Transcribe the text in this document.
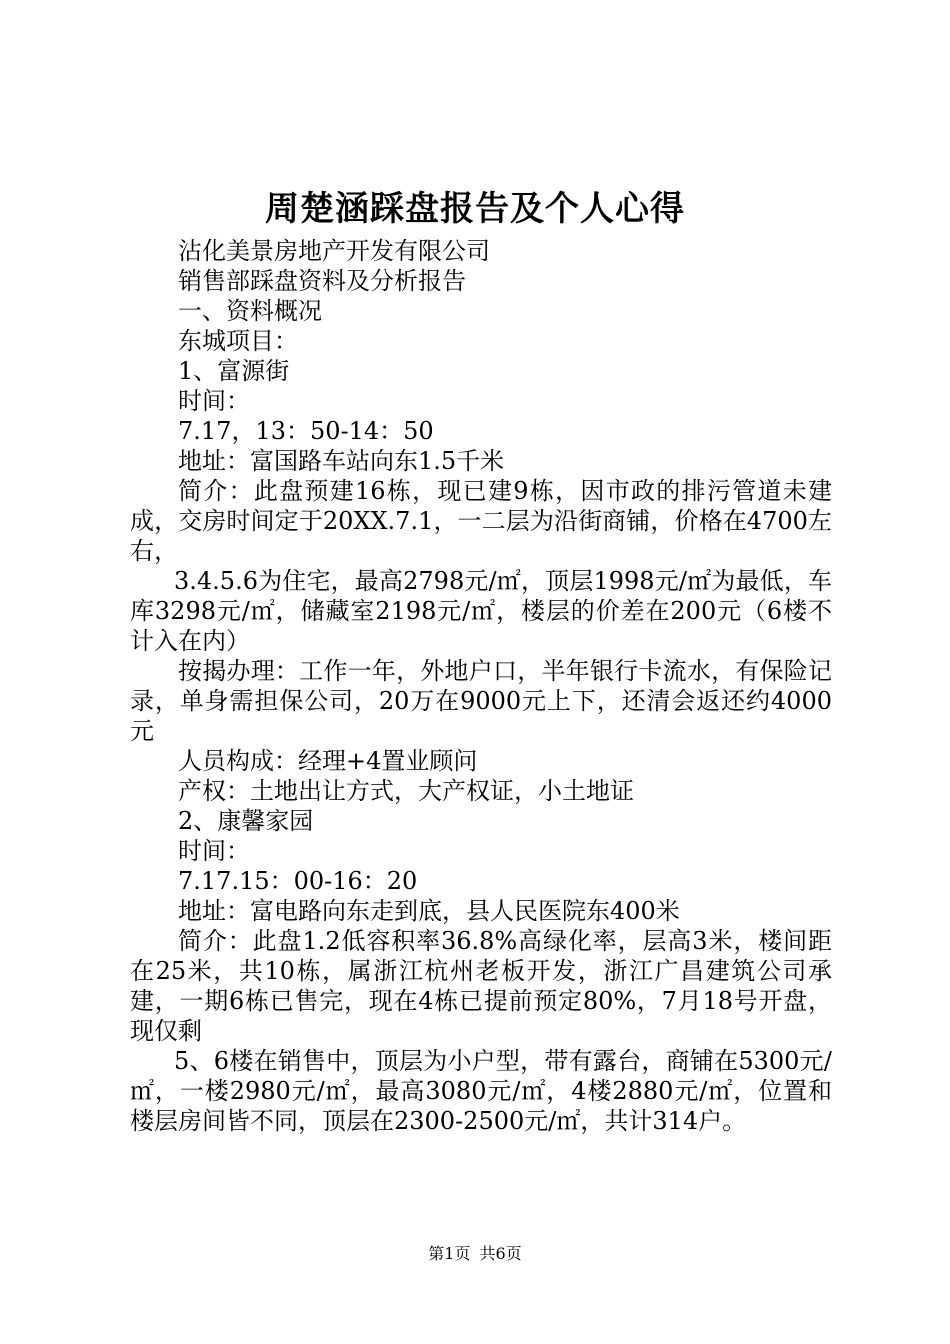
周楚涵踩盘报告及个人心得

沾化美景房地产开发有限公司

销售部踩盘资料及分析报告

一、资料概况

东城项目：

1、富源街

时间：

7.17，13：50-14：50

地址：富国路车站向东1.5千米

简介：此盘预建16栋，现已建9栋，因市政的排污管道未建成，交房时间定于20XX.7.1，一二层为沿街商铺，价格在4700左右，

3.4.5.6为住宅，最高2798元/㎡，顶层1998元/㎡为最低，车库3298元/㎡，储藏室2198元/㎡，楼层的价差在200元（6楼不计入在内）

按揭办理：工作一年，外地户口，半年银行卡流水，有保险记录，单身需担保公司，20万在9000元上下，还清会返还约4000元

人员构成：经理+4置业顾问

产权：土地出让方式，大产权证，小土地证

2、康馨家园

时间：

7.17.15：00-16：20

地址：富电路向东走到底，县人民医院东400米

简介：此盘1.2低容积率36.8%高绿化率，层高3米，楼间距在25米，共10栋，属浙江杭州老板开发，浙江广昌建筑公司承建，一期6栋已售完，现在4栋已提前预定80%，7月18号开盘，现仅剩

5、6楼在销售中，顶层为小户型，带有露台，商铺在5300元/㎡，一楼2980元/㎡，最高3080元/㎡，4楼2880元/㎡，位置和楼层房间皆不同，顶层在2300-2500元/㎡，共计314户。

第1页 共6页
